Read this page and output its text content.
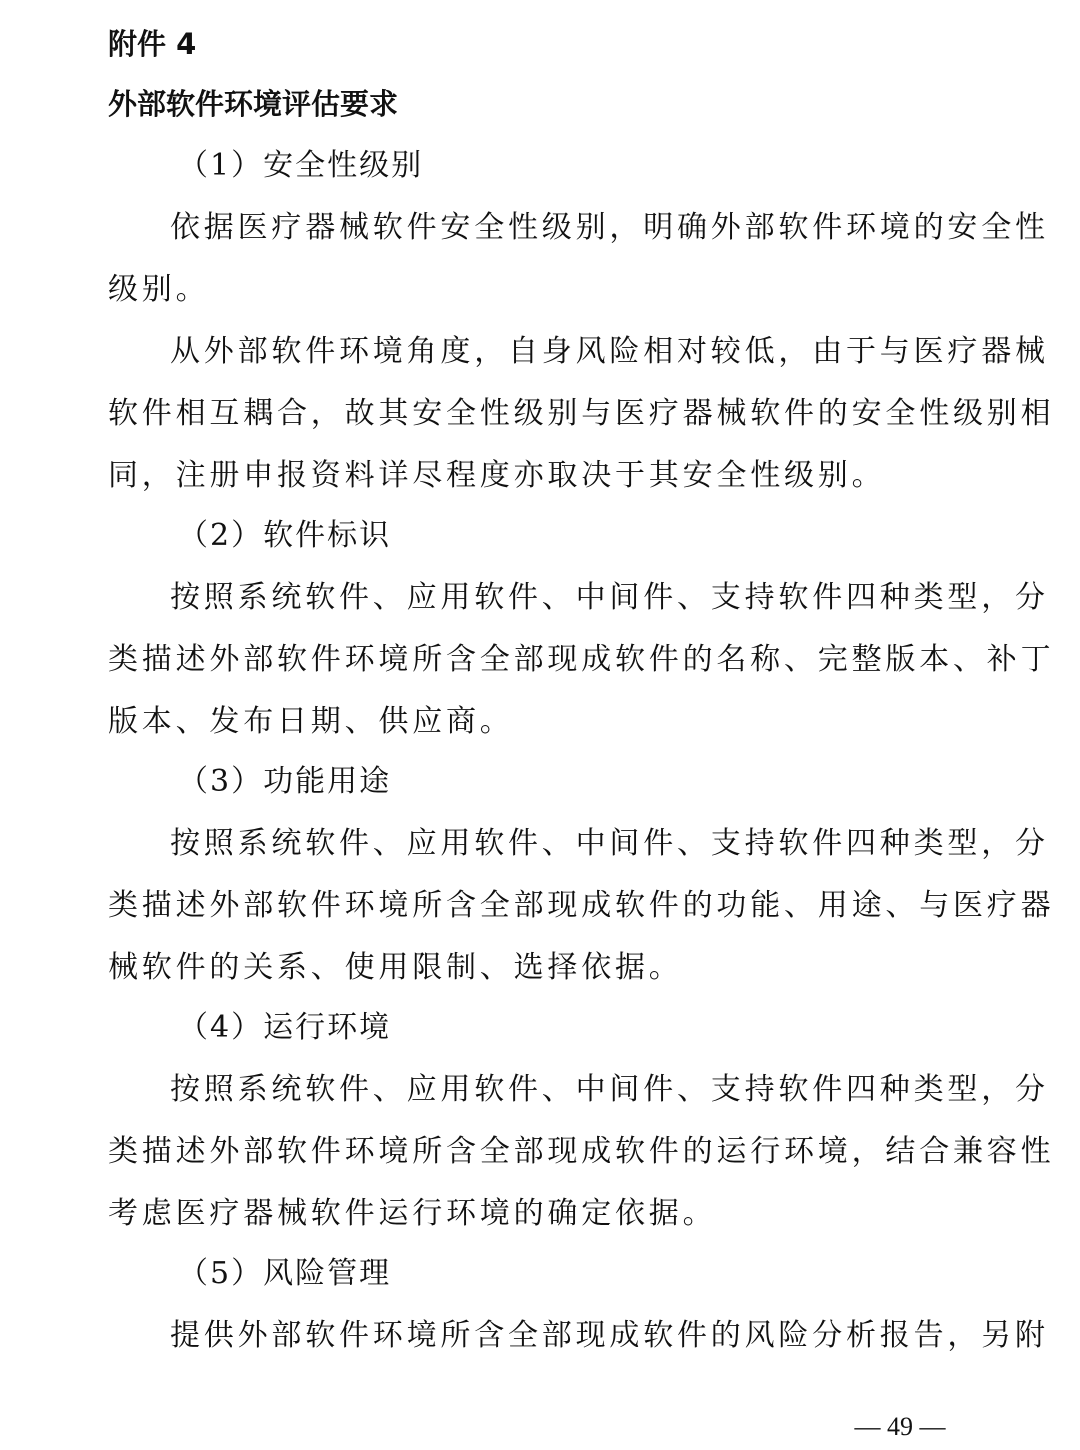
附件 4
外部软件环境评估要求
（1）安全性级别
依据医疗器械软件安全性级别，明确外部软件环境的安全性
级别。
从外部软件环境角度，自身风险相对较低，由于与医疗器械
软件相互耦合，故其安全性级别与医疗器械软件的安全性级别相
同，注册申报资料详尽程度亦取决于其安全性级别。
（2）软件标识
按照系统软件、应用软件、中间件、支持软件四种类型，分
类描述外部软件环境所含全部现成软件的名称、完整版本、补丁
版本、发布日期、供应商。
（3）功能用途
按照系统软件、应用软件、中间件、支持软件四种类型，分
类描述外部软件环境所含全部现成软件的功能、用途、与医疗器
械软件的关系、使用限制、选择依据。
（4）运行环境
按照系统软件、应用软件、中间件、支持软件四种类型，分
类描述外部软件环境所含全部现成软件的运行环境，结合兼容性
考虑医疗器械软件运行环境的确定依据。
（5）风险管理
提供外部软件环境所含全部现成软件的风险分析报告，另附
— 49 —
